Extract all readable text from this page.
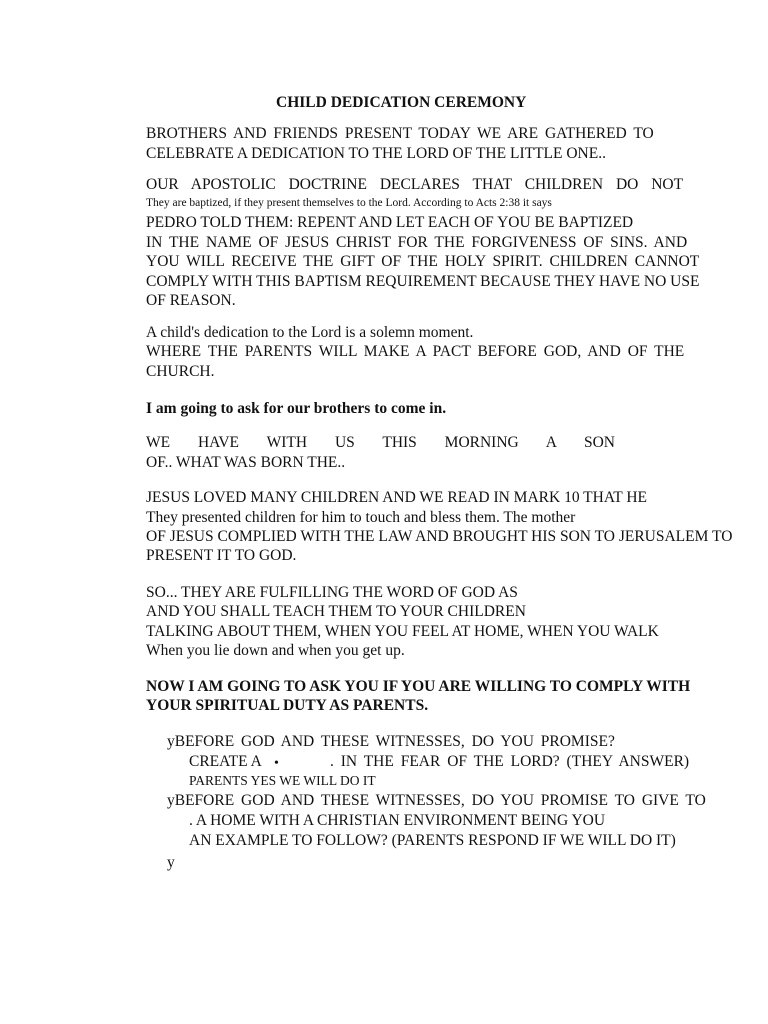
CHILD DEDICATION CEREMONY
BROTHERS AND FRIENDS PRESENT TODAY WE ARE GATHERED TO
CELEBRATE A DEDICATION TO THE LORD OF THE LITTLE ONE..
OUR APOSTOLIC DOCTRINE DECLARES THAT CHILDREN DO NOT
They are baptized, if they present themselves to the Lord. According to Acts 2:38 it says
PEDRO TOLD THEM: REPENT AND LET EACH OF YOU BE BAPTIZED
IN THE NAME OF JESUS CHRIST FOR THE FORGIVENESS OF SINS. AND
YOU WILL RECEIVE THE GIFT OF THE HOLY SPIRIT. CHILDREN CANNOT
COMPLY WITH THIS BAPTISM REQUIREMENT BECAUSE THEY HAVE NO USE
OF REASON.
A child's dedication to the Lord is a solemn moment.
WHERE THE PARENTS WILL MAKE A PACT BEFORE GOD, AND OF THE
CHURCH.
I am going to ask for our brothers to come in.
WE HAVE WITH US THIS MORNING A SON
OF.. WHAT WAS BORN THE..
JESUS LOVED MANY CHILDREN AND WE READ IN MARK 10 THAT HE
They presented children for him to touch and bless them. The mother
OF JESUS COMPLIED WITH THE LAW AND BROUGHT HIS SON TO JERUSALEM TO
PRESENT IT TO GOD.
SO... THEY ARE FULFILLING THE WORD OF GOD AS
AND YOU SHALL TEACH THEM TO YOUR CHILDREN
TALKING ABOUT THEM, WHEN YOU FEEL AT HOME, WHEN YOU WALK
When you lie down and when you get up.
NOW I AM GOING TO ASK YOU IF YOU ARE WILLING TO COMPLY WITH
YOUR SPIRITUAL DUTY AS PARENTS.
yBEFORE GOD AND THESE WITNESSES, DO YOU PROMISE?
CREATE A •	. IN THE FEAR OF THE LORD? (THEY ANSWER)
PARENTS YES WE WILL DO IT
yBEFORE GOD AND THESE WITNESSES, DO YOU PROMISE TO GIVE TO
. A HOME WITH A CHRISTIAN ENVIRONMENT BEING YOU
AN EXAMPLE TO FOLLOW? (PARENTS RESPOND IF WE WILL DO IT)
y
